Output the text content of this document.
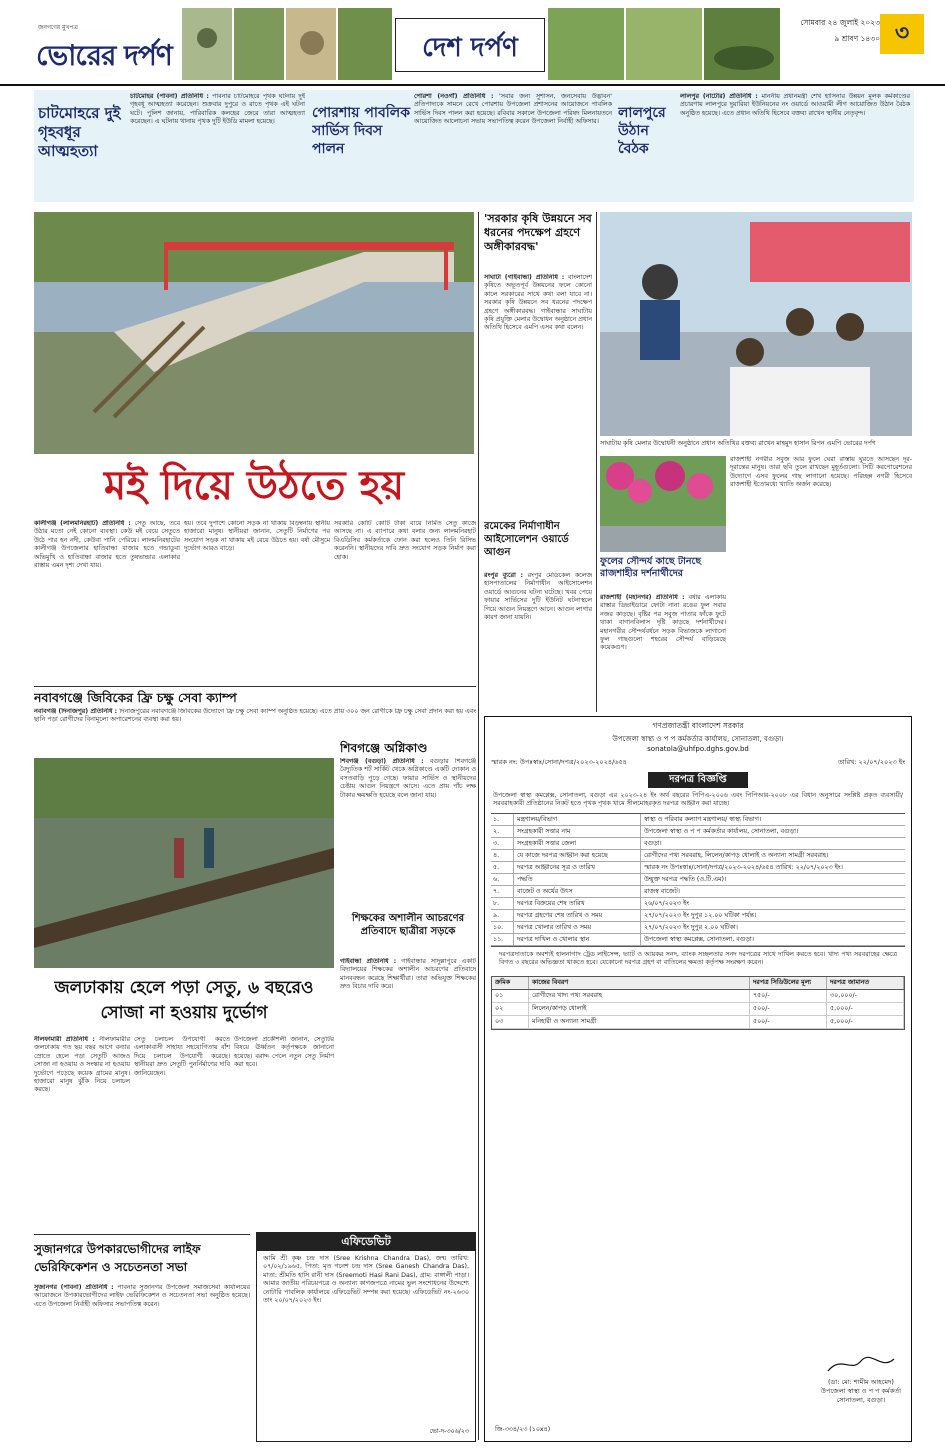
জনগণের মুখপত্র
ভোরের দর্পণ	দেশ দর্পণ
সোমবার ২৪ জুলাই ২০২৩
৯ শ্রাবণ ১৪৩০ ৩
চাটমোহরে দুই গৃহবধূর আত্মহত্যা
চাটমোহর (পাবনা) প্রতিনিধি : পাবনার চাটমোহরে পৃথক ঘটনায় দুই গৃহবধূ আত্মহত্যা করেছেন। শুক্রবার দুপুরে ও রাতে পৃথক এই ঘটনা ঘটে। পুলিশ জানায়, পারিবারিক কলহের জেরে তারা আত্মহত্যা করেছেন। এ ঘটনায় থানায় পৃথক দুটি ইউডি মামলা হয়েছে।
পোরশায় পাবলিক সার্ভিস দিবস পালন
পোরশা (নওগাঁ) প্রতিনিধি : 'সবার জন্য সুশাসন, জনসেবায় উদ্ভাবন' প্রতিপাদ্যকে সামনে রেখে পোরশায় উপজেলা প্রশাসনের আয়োজনে পাবলিক সার্ভিস দিবস পালন করা হয়েছে। রবিবার সকালে উপজেলা পরিষদ মিলনায়তনে আয়োজিত আলোচনা সভায় সভাপতিত্ব করেন উপজেলা নির্বাহী অফিসার।
লালপুরে উঠান বৈঠক
লালপুর (নাটোর) প্রতিনিধি : মাননীয় প্রধানমন্ত্রী শেখ হাসিনার উন্নয়ন মূলক কর্মকাণ্ডের প্রচারণায় লালপুরে দুয়ারিয়া ইউনিয়নের নং ওয়ার্ডে আওয়ামী লীগ আয়োজিত উঠান বৈঠক অনুষ্ঠিত হয়েছে। এতে প্রধান অতিথি হিসেবে বক্তব্য রাখেন স্থানীয় নেতৃবৃন্দ।
'সরকার কৃষি উন্নয়নে সব ধরনের পদক্ষেপ গ্রহণে অঙ্গীকারবদ্ধ'
সাঘাটা (গাইবান্ধা) প্রতিনিধি : বাংলাদেশ কৃষিতে অভূতপূর্ব উন্নয়নের ফলে কোনো কালে সরকারের সাথে কথা বলা যাবে না। সরকার কৃষি উন্নয়নে সব ধরনের পদক্ষেপ গ্রহণে অঙ্গীকারবদ্ধ। গাইবান্ধার সাঘাটায় কৃষি প্রযুক্তি মেলার উদ্বোধন অনুষ্ঠানে প্রধান অতিথি হিসেবে এমপি এসব কথা বলেন।
সাঘাটায় কৃষি মেলার উদ্বোধনী অনুষ্ঠানে প্রধান অতিথির বক্তব্য রাখেন মাহমুদ হাসান রিপন এমপি ভোরের দর্পণ
মই দিয়ে উঠতে হয়
কালীগঞ্জ (লালমনিরহাট) প্রতিনিধি : সেতু আছে, তবে উঠার মতো নেই কোনো ব্যবস্থা। কেউ মই বেয়ে সেতুতে উঠে পার হন নদী, কেউবা পানি পেরিয়ে। লালমনিরহাটের কালীগঞ্জ উপজেলার হাতিবান্ধা বাজার হতে গন্ডাডুবা অভিমুখি ও হাতিবান্ধা বাজার হতে তুষভান্ডার এলাকার রাস্তায় এমন দৃশ্য দেখা যায়।
হয়। তবে দুপাশে কোনো সড়ক না থাকায় বিড়ম্বনায় স্থানীয় হাজারো মানুষ। স্থানীয়রা জানান, সেতুটি নির্মাণের পর সংযোগ সড়ক না থাকায় মই বেয়ে উঠতে হয়। বর্ষা মৌসুমে দুর্ভোগ আরও বাড়ে।
সরকারি কোটি কোটি টাকা ব্যয়ে নির্মিত সেতু কাজে আসছে না। এ ব্যাপারে কথা বলার জন্য লালমনিরহাট বিএডিসির কর্মকর্তাকে ফোন করা হলেও তিনি রিসিভ করেননি। স্থানীয়দের দাবি দ্রুত সংযোগ সড়ক নির্মাণ করা হোক।
রমেকের নির্মাণাধীন আইসোলেশন ওয়ার্ডে আগুন
রংপুর ব্যুরো : রংপুর মেডিকেল কলেজ হাসপাতালের নির্মাণাধীন আইসোলেশন ওয়ার্ডে আগুনের ঘটনা ঘটেছে। খবর পেয়ে ফায়ার সার্ভিসের দুটি ইউনিট ঘটনাস্থলে গিয়ে আগুন নিয়ন্ত্রণে আনে। আগুন লাগার কারণ জানা যায়নি।
রাজশাহী নগরীর সবুজ আর ফুলে ঘেরা রাস্তায় ঘুরতে আসছেন দূর-দূরান্তের মানুষ। তারা ছবি তুলে রাখছেন মুহূর্তগুলো। সিটি করপোরেশনের উদ্যোগে এসব ফুলের গাছ লাগানো হয়েছে। পরিচ্ছন্ন নগরী হিসেবে রাজশাহী ইতোমধ্যে খ্যাতি অর্জন করেছে।
ফুলের সৌন্দর্য কাছে টানছে রাজশাহীর দর্শনার্থীদের
রাজশাহী (মহানগর) প্রতিনিধি : বর্ষার এলাকায় রাস্তার ডিভাইডারে ফোটা নানা রঙের ফুল সবার নজর কাড়ছে। বৃষ্টির পর সবুজ পাতার ফাঁকে ফুটে থাকা বাগানবিলাস দৃষ্টি কাড়ছে দর্শনার্থীদের। মহানগরীর সৌন্দর্যবর্ধনে সড়ক বিভাজকে লাগানো ফুল গাছগুলো শহরের সৌন্দর্য বাড়িয়েছে কয়েকগুণ।
নবাবগঞ্জে জিবিকের ফ্রি চক্ষু সেবা ক্যাম্প
নবাবগঞ্জ (দিনাজপুর) প্রতিনিধি : দিনাজপুরের নবাবগঞ্জে জিবিকের উদ্যোগে ফ্রি চক্ষু সেবা ক্যাম্প অনুষ্ঠিত হয়েছে। এতে প্রায় ৩০০ জন রোগীকে ফ্রি চক্ষু সেবা প্রদান করা হয় এবং ছানি পড়া রোগীদের বিনামূল্যে অপারেশনের ব্যবস্থা করা হয়।
শিবগঞ্জে অগ্নিকাণ্ড
শিবগঞ্জ (বগুড়া) প্রতিনিধি : বগুড়ার শিবগঞ্জে বৈদ্যুতিক শর্ট সার্কিট থেকে অগ্নিকাণ্ডে একটি দোকান ও বসতবাড়ি পুড়ে গেছে। ফায়ার সার্ভিস ও স্থানীয়দের চেষ্টায় আগুন নিয়ন্ত্রণে আসে। এতে প্রায় পাঁচ লক্ষ টাকার ক্ষয়ক্ষতি হয়েছে বলে জানা যায়।
শিক্ষকের অশালীন আচরণের প্রতিবাদে ছাত্রীরা সড়কে
গাইবান্ধা প্রতিনিধি : গাইবান্ধার সাদুল্লাপুরে একটি বিদ্যালয়ের শিক্ষকের অশালীন আচরণের প্রতিবাদে মানববন্ধন করেছে শিক্ষার্থীরা। তারা অভিযুক্ত শিক্ষকের দ্রুত বিচার দাবি করে।
জলঢাকায় হেলে পড়া সেতু, ৬ বছরেও সোজা না হওয়ায় দুর্ভোগ
নীলফামারী প্রতিনিধি : নীলফামারীর জলঢাকায় গত ছয় বছর আগে বন্যার স্রোতে হেলে পড়া সেতুটি আজও সোজা না হওয়ায় ও সংস্কার না হওয়ায় দুর্ভোগে পড়েছে কয়েক গ্রামের মানুষ। হাজারো মানুষ ঝুঁকি নিয়ে চলাচল করছে।
সেতু চলাচল উপযোগী করতে এলাকাবাসী সাহায্য সহযোগিতায় বাঁশ দিয়ে চলাচল উপযোগী করেছে। স্থানীয়রা দ্রুত সেতুটি পুনর্নির্মাণের দাবি জানিয়েছেন।
উপজেলা প্রকৌশলী জানান, সেতুটির বিষয়ে ঊর্ধ্বতন কর্তৃপক্ষকে জানানো হয়েছে। বরাদ্দ পেলে নতুন সেতু নির্মাণ করা হবে।
সুজানগরে উপকারভোগীদের লাইফ ভেরিফিকেশন ও সচেতনতা সভা
সুজানগর (পাবনা) প্রতিনিধি : পাবনার সুজানগর উপজেলা সমাজসেবা কার্যালয়ের আয়োজনে উপকারভোগীদের লাইফ ভেরিফিকেশন ও সচেতনতা সভা অনুষ্ঠিত হয়েছে। এতে উপজেলা নির্বাহী অফিসার সভাপতিত্ব করেন।
এফিডেভিট
আমি শ্রী কৃষ্ণ চন্দ্র দাস (Sree Krishna Chandra Das), জন্ম তারিখ: ০৭/০২/১৯৬৫, পিতা: মৃত গনেশ চন্দ্র দাস (Sree Ganesh Chandra Das), মাতা: শ্রীমতি হাসি রানী দাস (Sreemoti Hasi Rani Das), গ্রাম: বাঙ্গালী পাড়া। আমার জাতীয় পরিচয়পত্রে ও অন্যান্য কাগজপত্রে নামের ভুল সংশোধনের উদ্দেশ্যে নোটারি পাবলিক কার্যালয়ে এফিডেভিট সম্পন্ন করা হয়েছে। এফিডেভিট নং-২৬৩০ তাং ২০/০৭/২০২৩ ইং।
ভো-দ-৩০৬/২৩
গণপ্রজাতন্ত্রী বাংলাদেশ সরকার
উপজেলা স্বাস্থ্য ও প প কর্মকর্তার কার্যালয়, সোনাতলা, বগুড়া।
sonatola@uhfpo.dghs.gov.bd
স্মারক নং: উপঃস্বাঃ/সোনা/দপত্র/২০২৩-২০২৪/৬৫৪	তারিখ: ২২/০৭/২০২৩ ইং
দরপত্র বিজ্ঞপ্তি
উপজেলা স্বাস্থ্য কমপ্লেক্স, সোনাতলা, বগুড়া এর ২০২৩-২৪ ইং অর্থ বছরের পিপিএ-২০০৬ এবং পিপিআর-২০০৮ এর বিধান অনুসারে সংশ্লিষ্ট প্রকৃত ব্যবসায়ী/সরবরাহকারী প্রতিষ্ঠানের নিকট হতে পৃথক পৃথক খামে সীলমোহরকৃত দরপত্র আহ্বান করা যাচ্ছে।
১.	মন্ত্রণালয়/বিভাগ	স্বাস্থ্য ও পরিবার কল্যাণ মন্ত্রণালয়/ স্বাস্থ্য বিভাগ।
২.	সংগ্রহকারী সত্তার নাম	উপজেলা স্বাস্থ্য ও প প কর্মকর্তার কার্যালয়, সোনাতলা, বগুড়া।
৩.	সংগ্রহকারী সত্তার জেলা	বগুড়া।
৪.	যে কাজে দরপত্র আহ্বান করা হয়েছে	রোগীদের পথ্য সরবরাহ, লিলেন/কাপড় ধোলাই ও অন্যান্য সামগ্রী সরবরাহ।
৫.	দরপত্র আহ্বানের সূত্র ও তারিখ	স্মারক নং উপঃস্বাঃ/সোনা/দপত্র/২০২৩-২০২৪/৬৫৪ তারিখ: ২২/০৭/২০২৩ ইং।
৬.	পদ্ধতি	উন্মুক্ত দরপত্র পদ্ধতি (ও.টি.এম)।
৭.	বাজেট ও অর্থের উৎস	রাজস্ব বাজেট।
৮.	দরপত্র বিক্রয়ের শেষ তারিখ	২৬/০৭/২০২৩ ইং
৯.	দরপত্র গ্রহণের শেষ তারিখ ও সময়	২৭/০৭/২০২৩ ইং দুপুর ১২.০০ ঘটিকা পর্যন্ত।
১০.	দরপত্র খোলার তারিখ ও সময়	২৭/০৭/২০২৩ ইং দুপুর ২.০০ ঘটিকা।
১১.	দরপত্র দাখিল ও খোলার স্থান	উপজেলা স্বাস্থ্য কমপ্লেক্স, সোনাতলা, বগুড়া।
দরপত্রদাতাকে অবশ্যই হালনাগাদ ট্রেড লাইসেন্স, ভ্যাট ও আয়কর সনদ, ব্যাংক সচ্ছলতার সনদ দরপত্রের সাথে দাখিল করতে হবে। খাদ্য পথ্য সরবরাহের ক্ষেত্রে বিগত ৩ বছরের অভিজ্ঞতা থাকতে হবে। যেকোনো দরপত্র গ্রহণ বা বাতিলের ক্ষমতা কর্তৃপক্ষ সংরক্ষণ করেন।
ক্রমিক	কাজের বিবরণ	দরপত্র সিডিউলের মূল্য	দরপত্র জামানত
০১	রোগীদের খাদ্য পথ্য সরবরাহ	৭৫০/-	৩০,০০০/-
০২	লিলেন/কাপড় ধোলাই	৫০০/-	৫,০০০/-
০৩	মনিহারী ও অন্যান্য সামগ্রী	৫০০/-	৫,০০০/-
(ডা: মো: শামীম আহমেদ)
উপজেলা স্বাস্থ্য ও প প কর্মকর্তা
সোনাতলা, বগুড়া।
জি-৩৩৪/২৩ (১০x৪)
